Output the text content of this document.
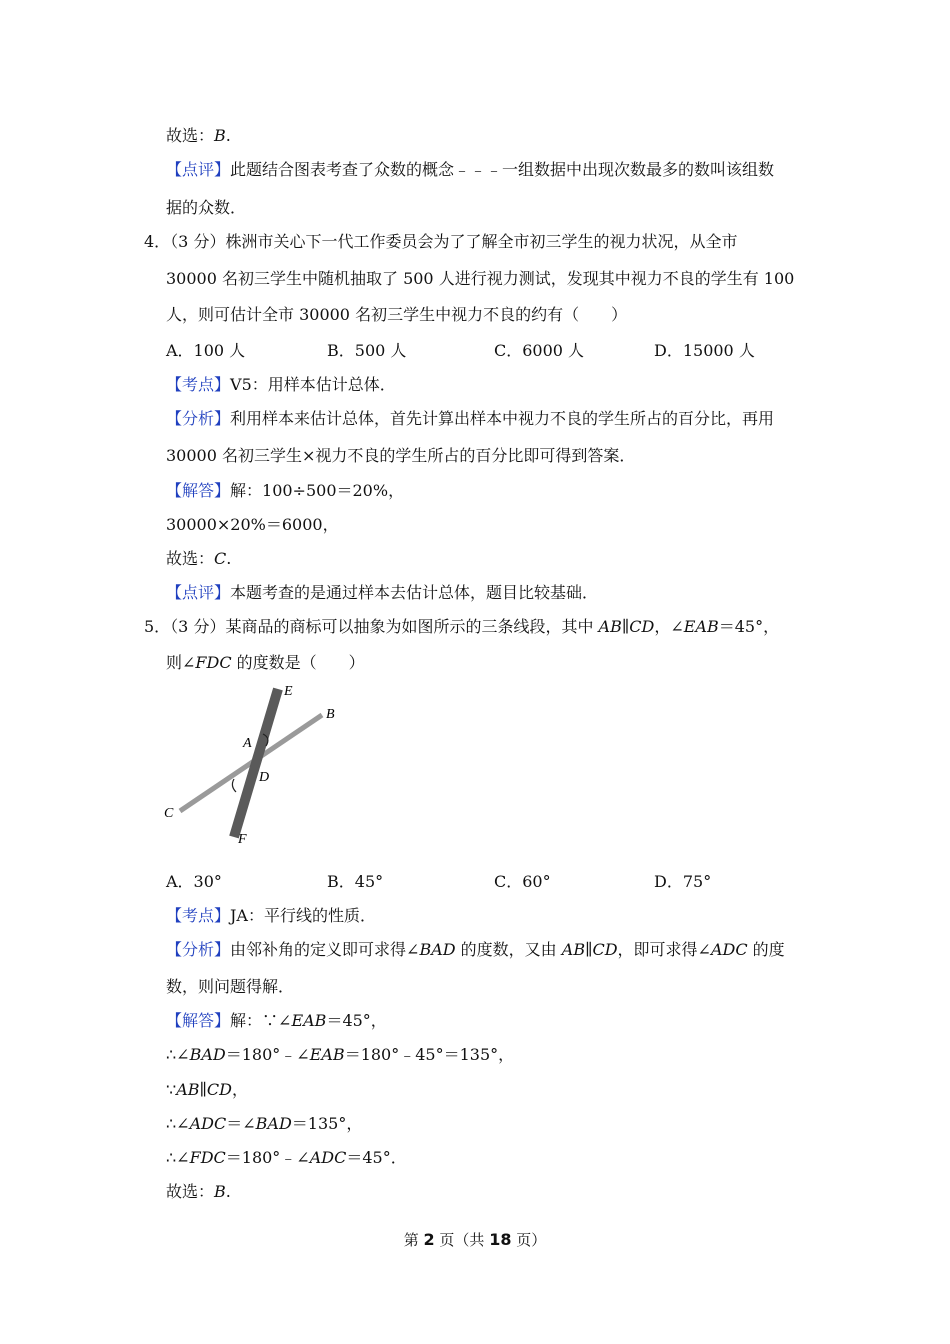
故选：B.
【点评】此题结合图表考查了众数的概念﹣﹣﹣一组数据中出现次数最多的数叫该组数
据的众数．
4．（3 分）株洲市关心下一代工作委员会为了了解全市初三学生的视力状况，从全市
30000 名初三学生中随机抽取了 500 人进行视力测试，发现其中视力不良的学生有 100
人，则可估计全市 30000 名初三学生中视力不良的约有（　　）
A．100 人	B．500 人	C．6000 人	D．15000 人
【考点】V5：用样本估计总体．
【分析】利用样本来估计总体，首先计算出样本中视力不良的学生所占的百分比，再用
30000 名初三学生×视力不良的学生所占的百分比即可得到答案．
【解答】解：100÷500＝20%，
30000×20%＝6000，
故选：C.
【点评】本题考查的是通过样本去估计总体，题目比较基础．
5．（3 分）某商品的商标可以抽象为如图所示的三条线段，其中 AB∥CD，∠EAB＝45°，
则∠FDC 的度数是（　　）
E
B
A
D
C
F
A．30°	B．45°	C．60°	D．75°
【考点】JA：平行线的性质．
【分析】由邻补角的定义即可求得∠BAD 的度数，又由 AB∥CD，即可求得∠ADC 的度
数，则问题得解．
【解答】解：∵∠EAB＝45°，
∴∠BAD＝180°﹣∠EAB＝180°﹣45°＝135°，
∵AB∥CD，
∴∠ADC＝∠BAD＝135°，
∴∠FDC＝180°﹣∠ADC＝45°．
故选：B.
第 2 页（共 18 页）
